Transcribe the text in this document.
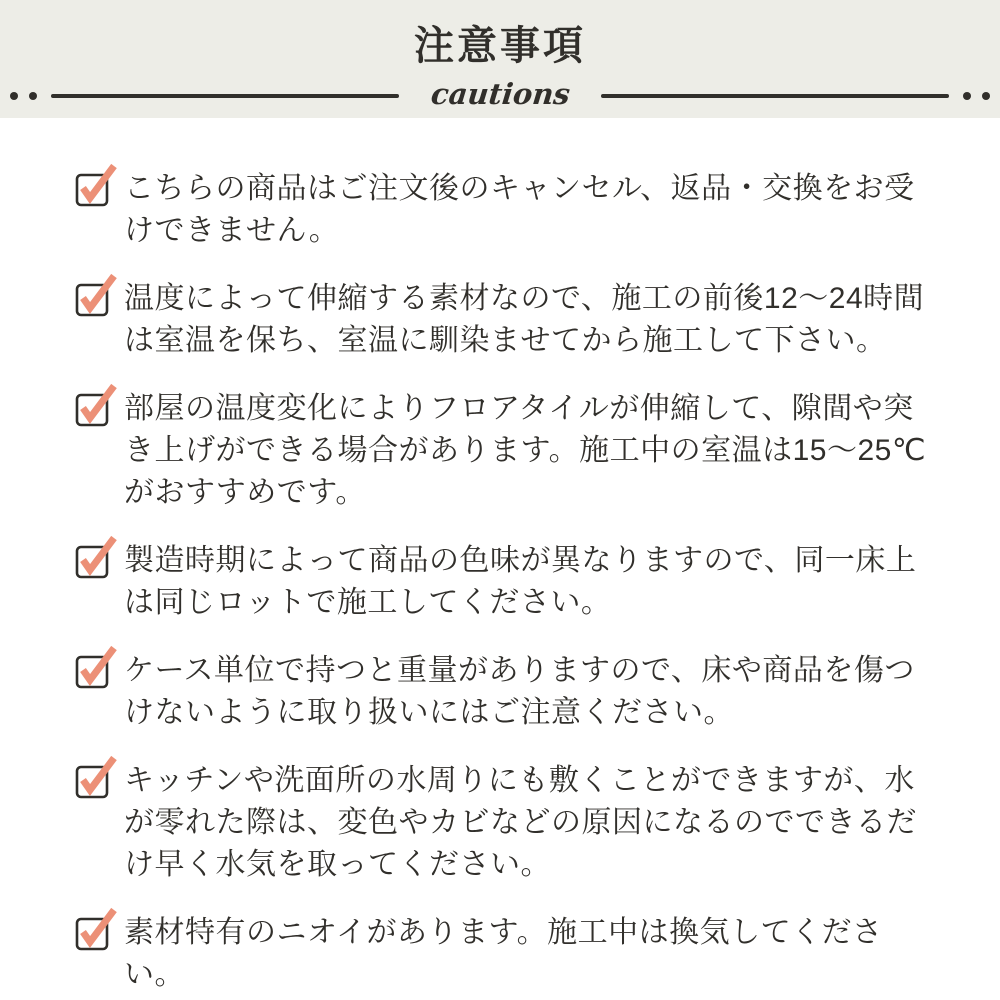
注意事項
cautions

こちらの商品はご注文後のキャンセル、返品・交換をお受けできません。

温度によって伸縮する素材なので、施工の前後12〜24時間は室温を保ち、室温に馴染ませてから施工して下さい。

部屋の温度変化によりフロアタイルが伸縮して、隙間や突き上げができる場合があります。施工中の室温は15〜25℃がおすすめです。

製造時期によって商品の色味が異なりますので、同一床上は同じロットで施工してください。

ケース単位で持つと重量がありますので、床や商品を傷つけないように取り扱いにはご注意ください。

キッチンや洗面所の水周りにも敷くことができますが、水が零れた際は、変色やカビなどの原因になるのでできるだけ早く水気を取ってください。

素材特有のニオイがあります。施工中は換気してください。
